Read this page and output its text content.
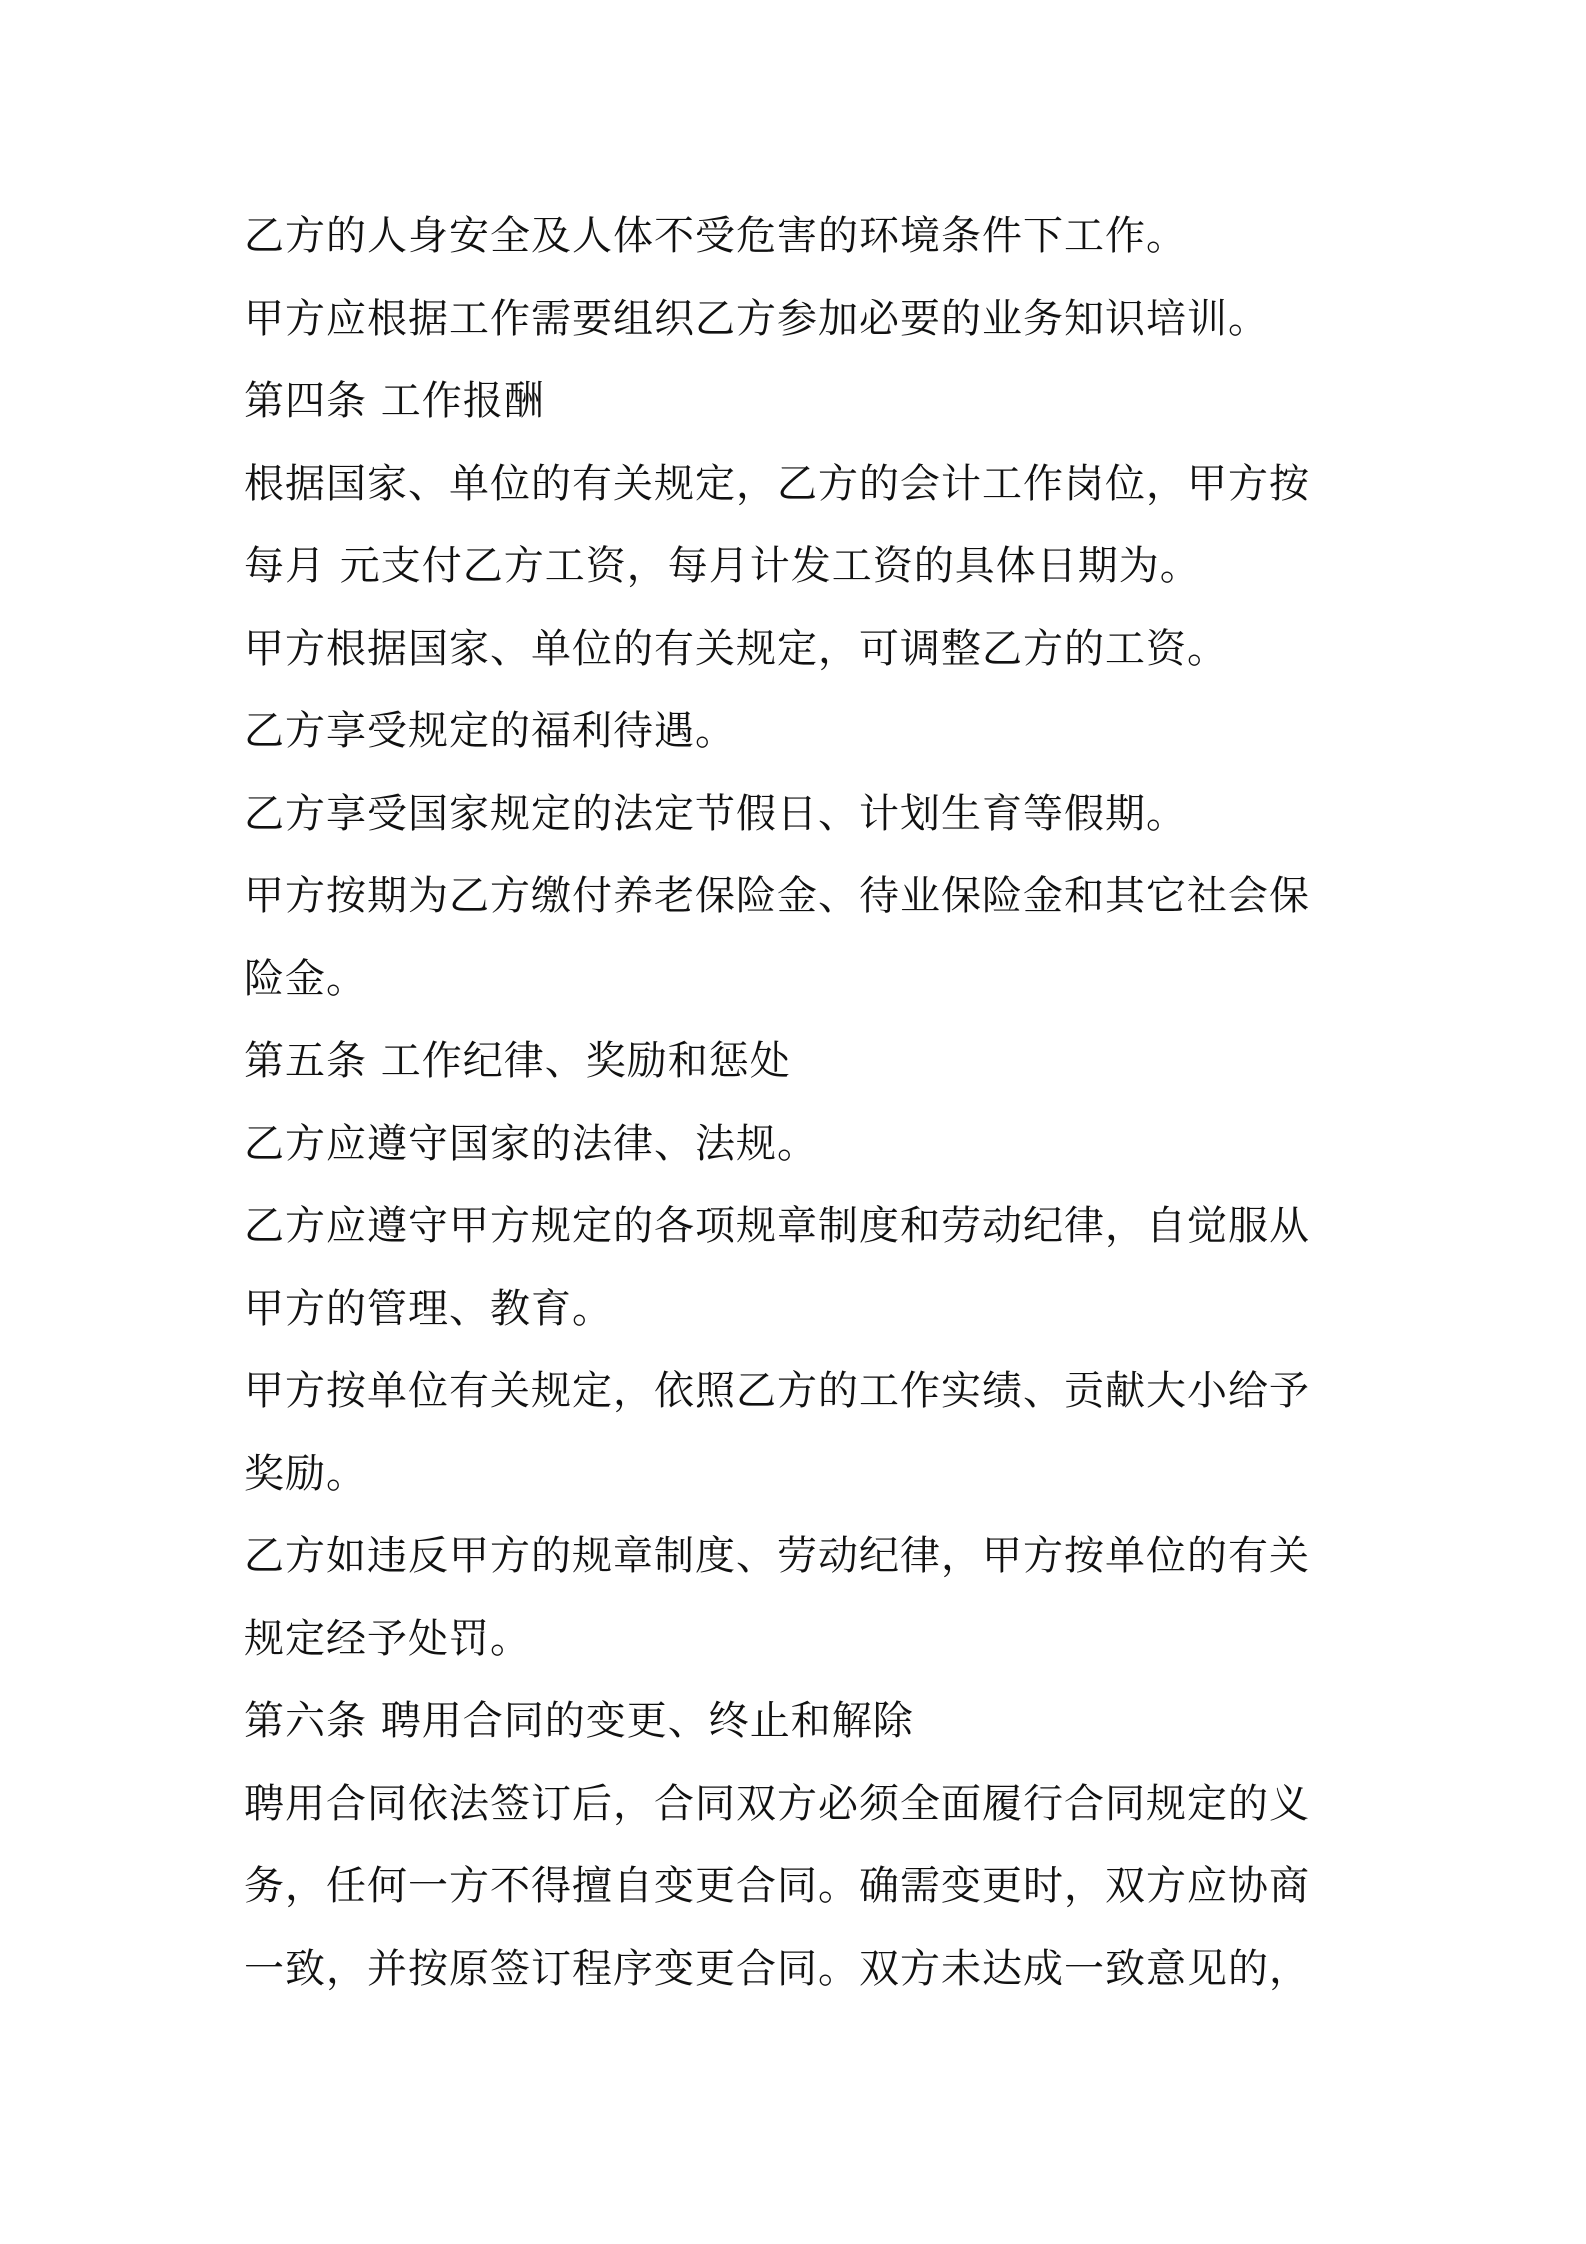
乙方的人身安全及人体不受危害的环境条件下工作。
甲方应根据工作需要组织乙方参加必要的业务知识培训。
第四条 工作报酬
根据国家、单位的有关规定，乙方的会计工作岗位，甲方按
每月 元支付乙方工资，每月计发工资的具体日期为。
甲方根据国家、单位的有关规定，可调整乙方的工资。
乙方享受规定的福利待遇。
乙方享受国家规定的法定节假日、计划生育等假期。
甲方按期为乙方缴付养老保险金、待业保险金和其它社会保
险金。
第五条 工作纪律、奖励和惩处
乙方应遵守国家的法律、法规。
乙方应遵守甲方规定的各项规章制度和劳动纪律，自觉服从
甲方的管理、教育。
甲方按单位有关规定，依照乙方的工作实绩、贡献大小给予
奖励。
乙方如违反甲方的规章制度、劳动纪律，甲方按单位的有关
规定经予处罚。
第六条 聘用合同的变更、终止和解除
聘用合同依法签订后，合同双方必须全面履行合同规定的义
务，任何一方不得擅自变更合同。确需变更时，双方应协商
一致，并按原签订程序变更合同。双方未达成一致意见的，
